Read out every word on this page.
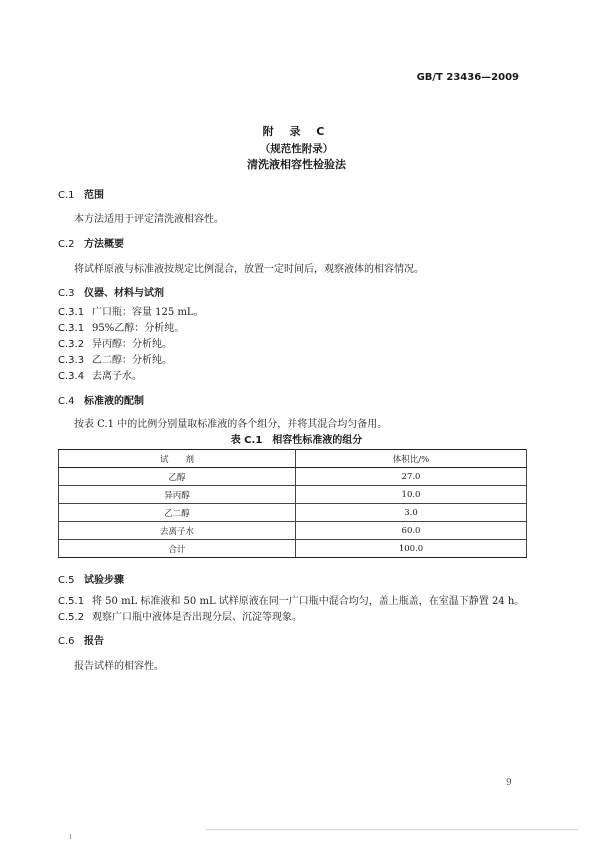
GB/T 23436—2009
附 录 C
（规范性附录）
清洗液相容性检验法
C.1 范围
本方法适用于评定清洗液相容性。
C.2 方法概要
将试样原液与标准液按规定比例混合，放置一定时间后，观察液体的相容情况。
C.3 仪器、材料与试剂
C.3.1 广口瓶：容量 125 mL。
C.3.1 95%乙醇：分析纯。
C.3.2 异丙醇：分析纯。
C.3.3 乙二醇：分析纯。
C.3.4 去离子水。
C.4 标准液的配制
按表 C.1 中的比例分别量取标准液的各个组分，并将其混合均匀备用。
表 C.1　相容性标准液的组分
试　　剂	体积比/%
乙醇	27.0
异丙醇	10.0
乙二醇	3.0
去离子水	60.0
合计	100.0
C.5 试验步骤
C.5.1 将 50 mL 标准液和 50 mL 试样原液在同一广口瓶中混合均匀，盖上瓶盖，在室温下静置 24 h。
C.5.2 观察广口瓶中液体是否出现分层、沉淀等现象。
C.6 报告
报告试样的相容性。
9
